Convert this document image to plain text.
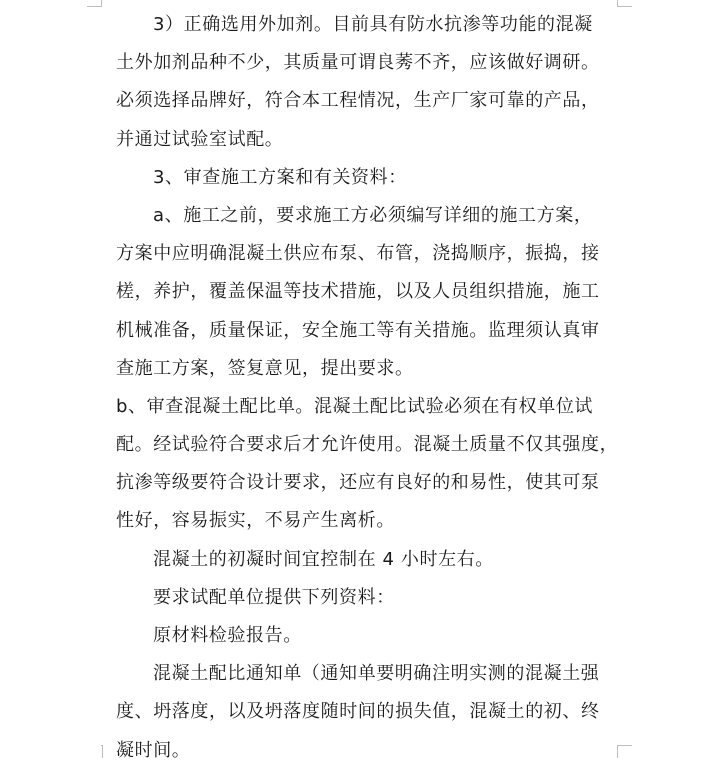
3）正确选用外加剂。目前具有防水抗渗等功能的混凝
土外加剂品种不少，其质量可谓良莠不齐，应该做好调研。
必须选择品牌好，符合本工程情况，生产厂家可靠的产品，
并通过试验室试配。
3、审查施工方案和有关资料：
a、施工之前，要求施工方必须编写详细的施工方案，
方案中应明确混凝土供应布泵、布管，浇捣顺序，振捣，接
槎，养护，覆盖保温等技术措施，以及人员组织措施，施工
机械准备，质量保证，安全施工等有关措施。监理须认真审
查施工方案，签复意见，提出要求。
b、审查混凝土配比单。混凝土配比试验必须在有权单位试
配。经试验符合要求后才允许使用。混凝土质量不仅其强度，
抗渗等级要符合设计要求，还应有良好的和易性，使其可泵
性好，容易振实，不易产生离析。
混凝土的初凝时间宜控制在 4 小时左右。
要求试配单位提供下列资料：
原材料检验报告。
混凝土配比通知单（通知单要明确注明实测的混凝土强
度、坍落度，以及坍落度随时间的损失值，混凝土的初、终
凝时间。
